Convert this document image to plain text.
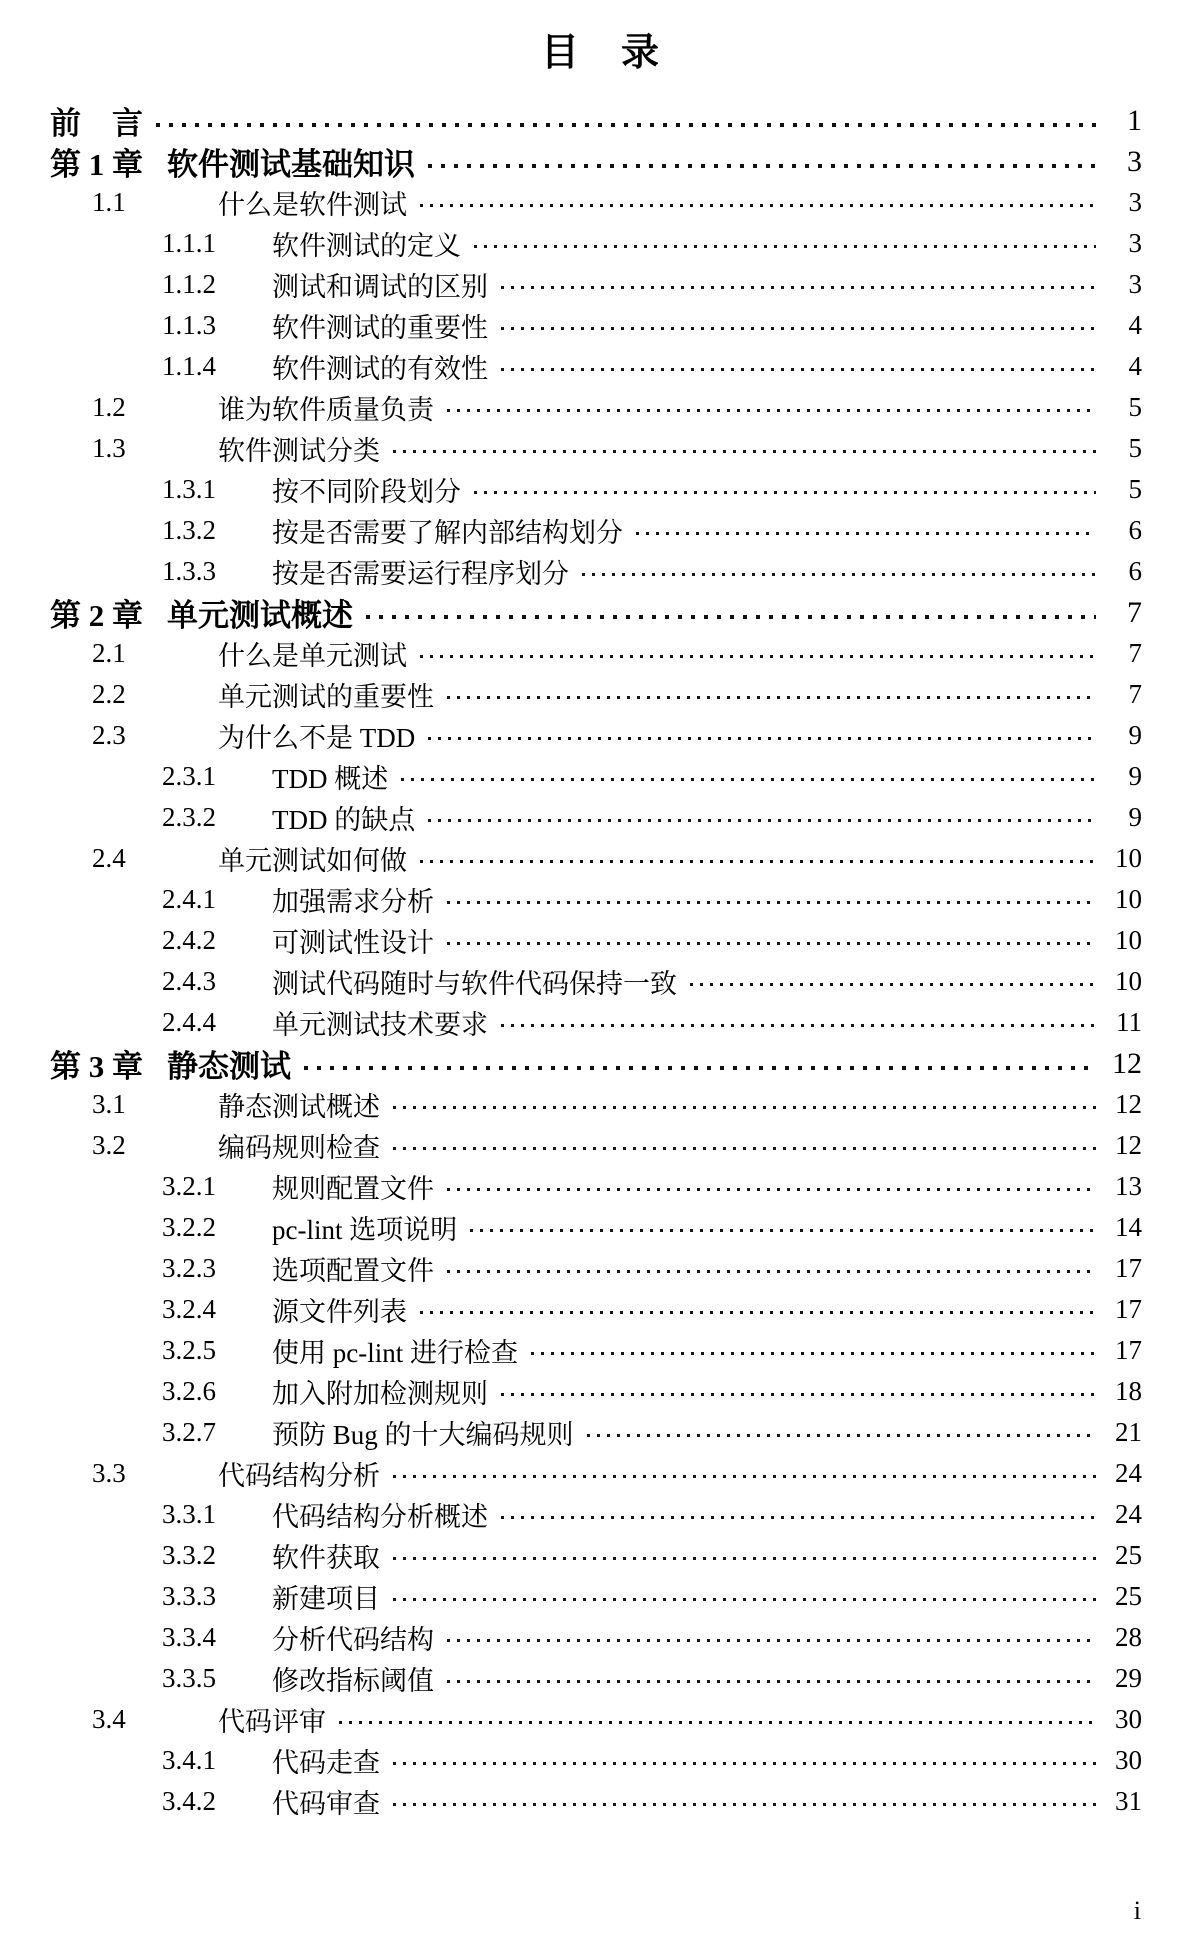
目　录
前　言	1
第 1 章 软件测试基础知识	3
1.1	什么是软件测试	3
1.1.1	软件测试的定义	3
1.1.2	测试和调试的区别	3
1.1.3	软件测试的重要性	4
1.1.4	软件测试的有效性	4
1.2	谁为软件质量负责	5
1.3	软件测试分类	5
1.3.1	按不同阶段划分	5
1.3.2	按是否需要了解内部结构划分	6
1.3.3	按是否需要运行程序划分	6
第 2 章 单元测试概述	7
2.1	什么是单元测试	7
2.2	单元测试的重要性	7
2.3	为什么不是 TDD	9
2.3.1	TDD 概述	9
2.3.2	TDD 的缺点	9
2.4	单元测试如何做	10
2.4.1	加强需求分析	10
2.4.2	可测试性设计	10
2.4.3	测试代码随时与软件代码保持一致	10
2.4.4	单元测试技术要求	11
第 3 章 静态测试	12
3.1	静态测试概述	12
3.2	编码规则检查	12
3.2.1	规则配置文件	13
3.2.2	pc-lint 选项说明	14
3.2.3	选项配置文件	17
3.2.4	源文件列表	17
3.2.5	使用 pc-lint 进行检查	17
3.2.6	加入附加检测规则	18
3.2.7	预防 Bug 的十大编码规则	21
3.3	代码结构分析	24
3.3.1	代码结构分析概述	24
3.3.2	软件获取	25
3.3.3	新建项目	25
3.3.4	分析代码结构	28
3.3.5	修改指标阈值	29
3.4	代码评审	30
3.4.1	代码走查	30
3.4.2	代码审查	31
i
